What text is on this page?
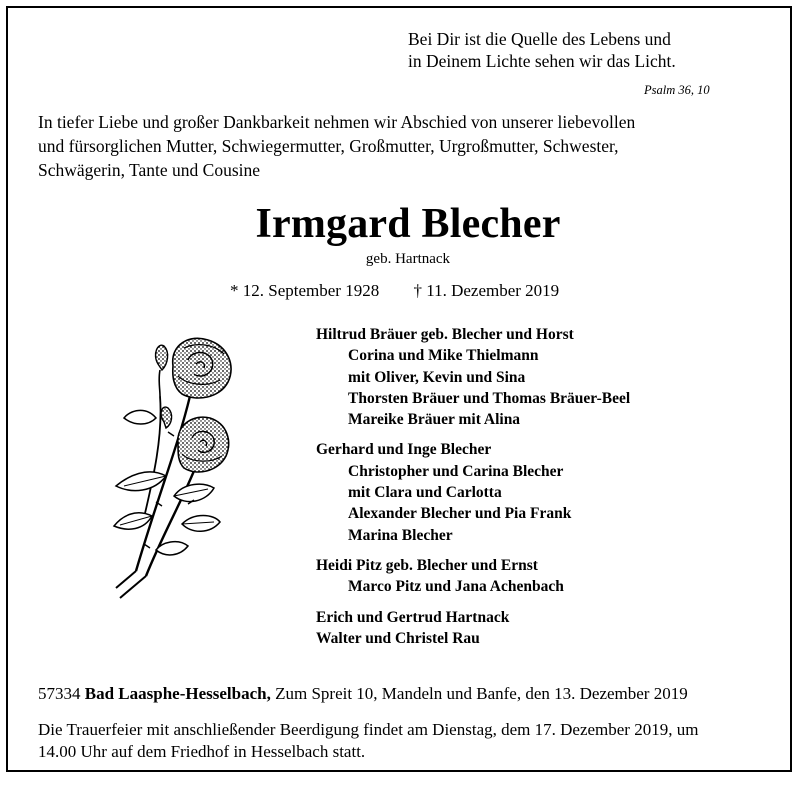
Bei Dir ist die Quelle des Lebens und
in Deinem Lichte sehen wir das Licht.
Psalm 36, 10
In tiefer Liebe und großer Dankbarkeit nehmen wir Abschied von unserer liebevollen
und fürsorglichen Mutter, Schwiegermutter, Großmutter, Urgroßmutter, Schwester,
Schwägerin, Tante und Cousine
Irmgard Blecher
geb. Hartnack
* 12. September 1928 † 11. Dezember 2019
Hiltrud Bräuer geb. Blecher und Horst
Corina und Mike Thielmann
mit Oliver, Kevin und Sina
Thorsten Bräuer und Thomas Bräuer-Beel
Mareike Bräuer mit Alina
Gerhard und Inge Blecher
Christopher und Carina Blecher
mit Clara und Carlotta
Alexander Blecher und Pia Frank
Marina Blecher
Heidi Pitz geb. Blecher und Ernst
Marco Pitz und Jana Achenbach
Erich und Gertrud Hartnack
Walter und Christel Rau
57334 Bad Laasphe-Hesselbach, Zum Spreit 10, Mandeln und Banfe, den 13. Dezember 2019
Die Trauerfeier mit anschließender Beerdigung findet am Dienstag, dem 17. Dezember 2019, um
14.00 Uhr auf dem Friedhof in Hesselbach statt.
